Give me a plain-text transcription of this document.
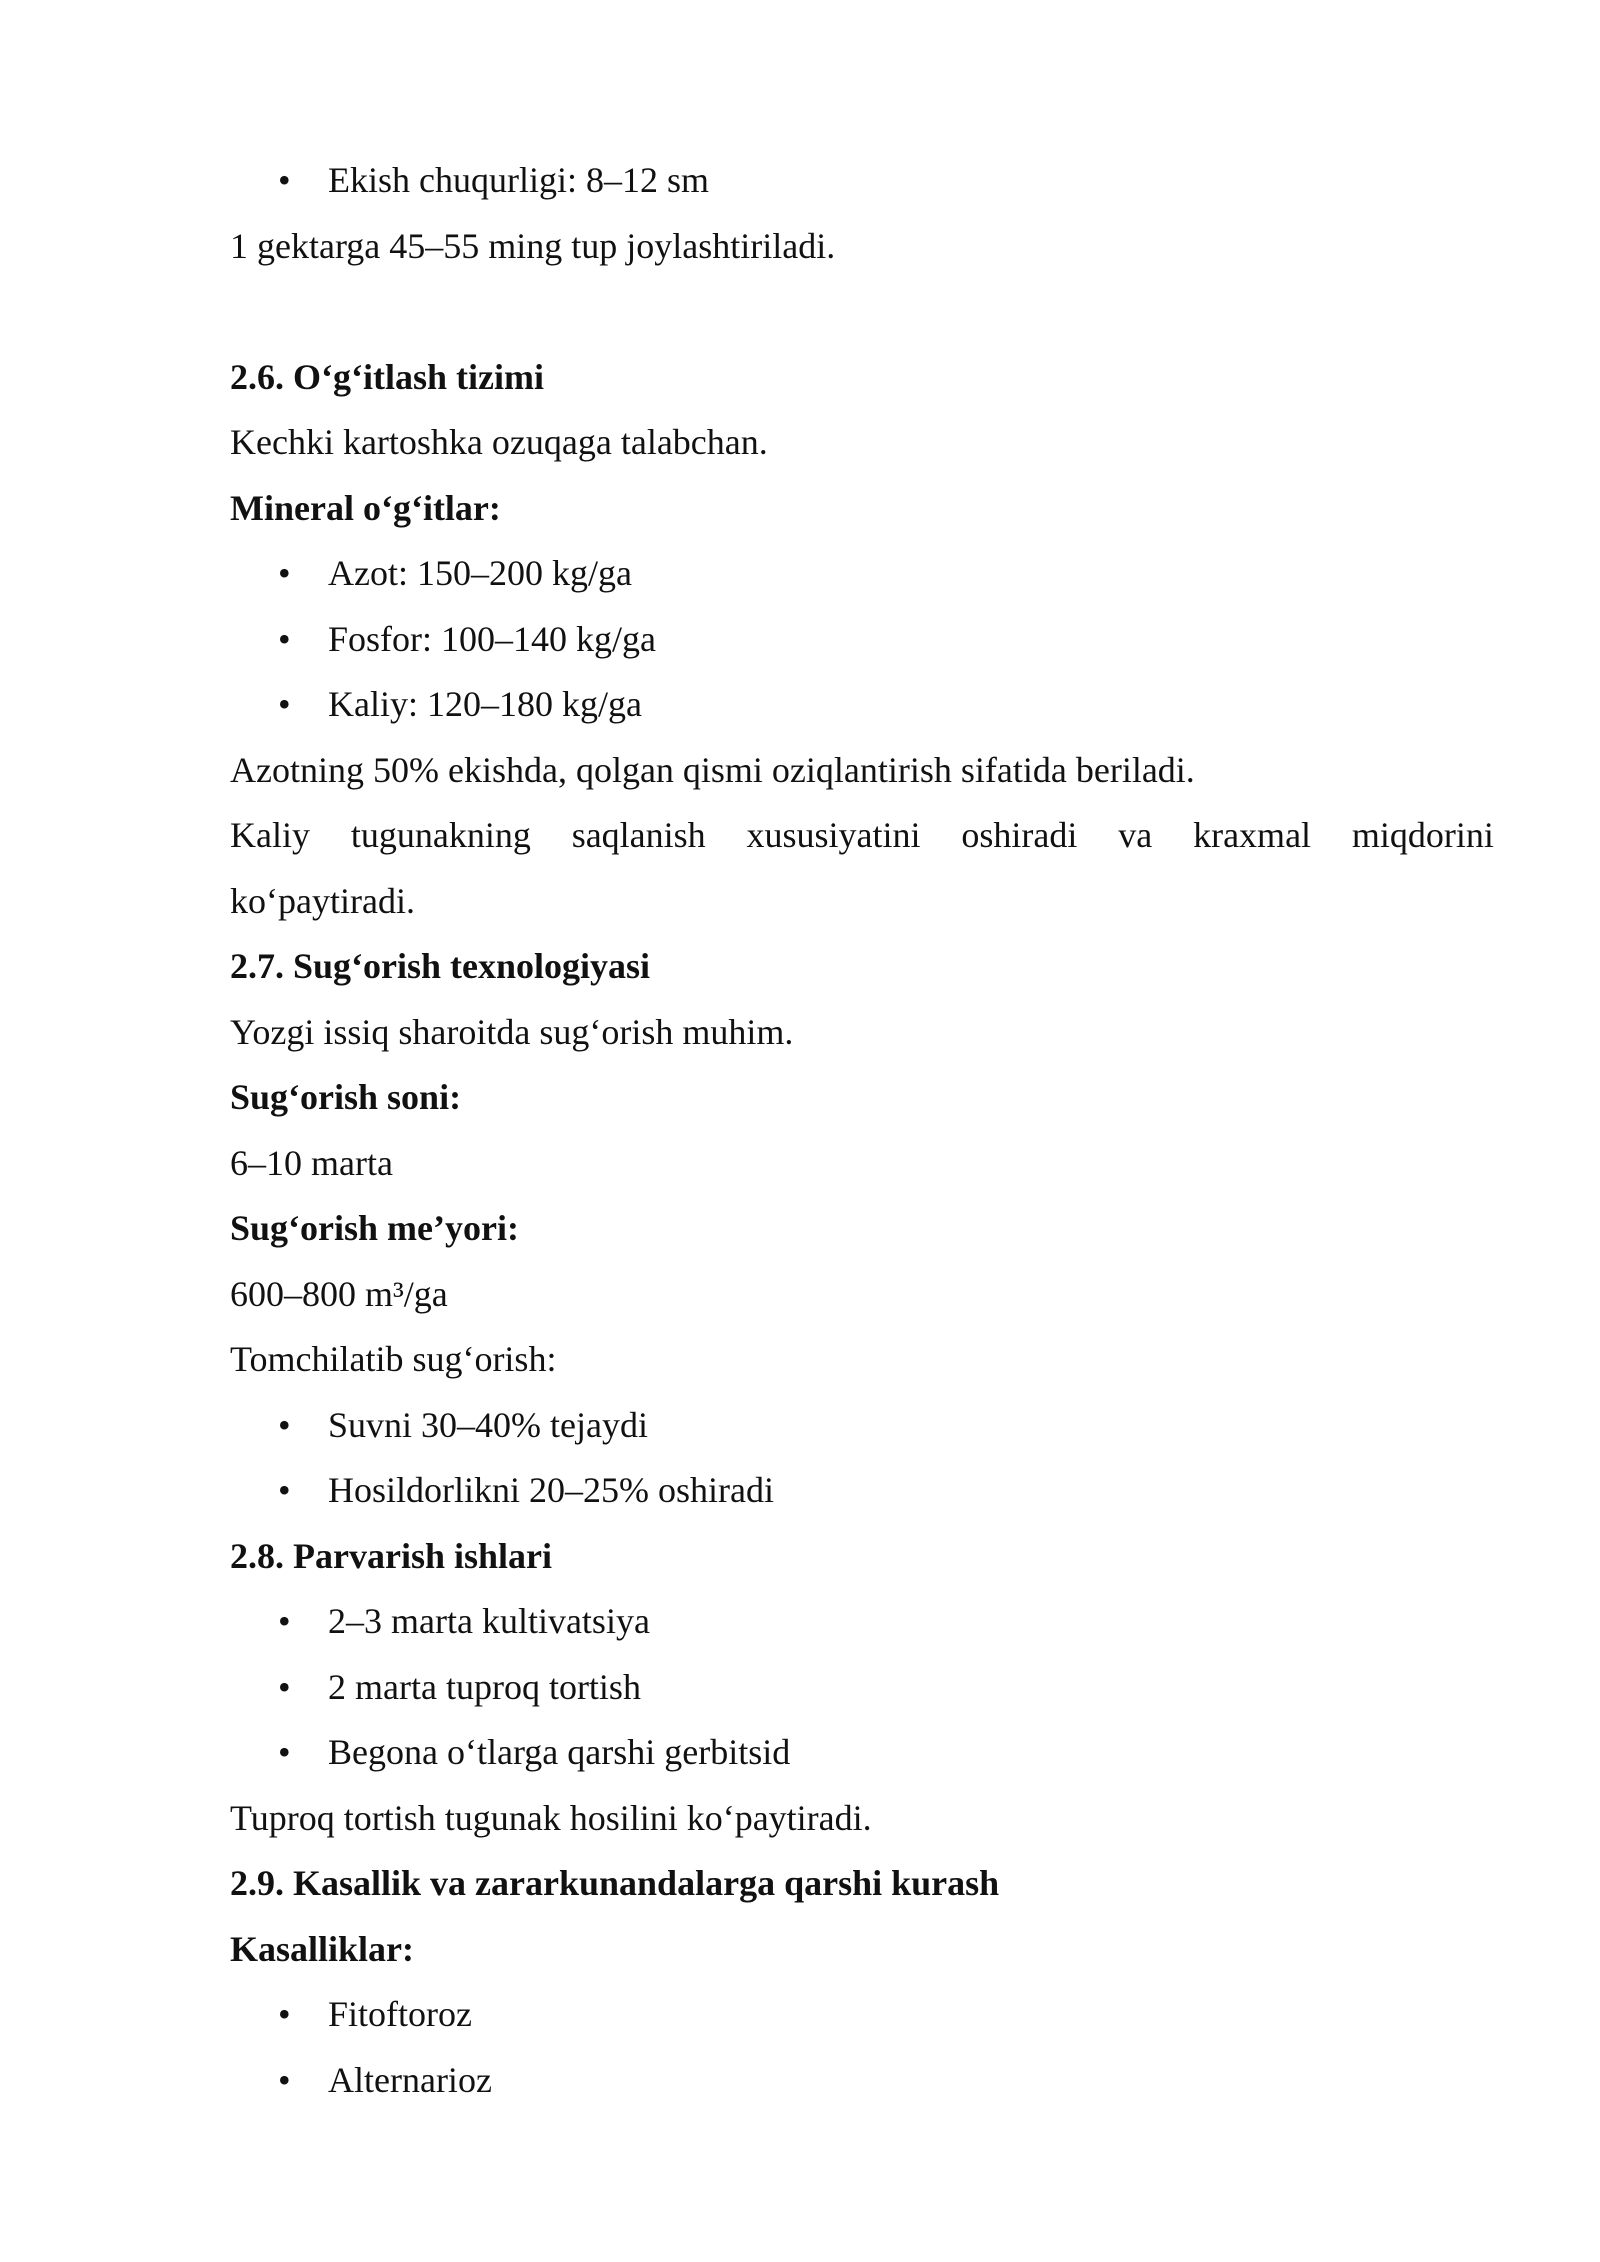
• Ekish chuqurligi: 8–12 sm
1 gektarga 45–55 ming tup joylashtiriladi.
2.6. O‘g‘itlash tizimi
Kechki kartoshka ozuqaga talabchan.
Mineral o‘g‘itlar:
• Azot: 150–200 kg/ga
• Fosfor: 100–140 kg/ga
• Kaliy: 120–180 kg/ga
Azotning 50% ekishda, qolgan qismi oziqlantirish sifatida beriladi.
Kaliy tugunakning saqlanish xususiyatini oshiradi va kraxmal miqdorini
ko‘paytiradi.
2.7. Sug‘orish texnologiyasi
Yozgi issiq sharoitda sug‘orish muhim.
Sug‘orish soni:
6–10 marta
Sug‘orish me’yori:
600–800 m³/ga
Tomchilatib sug‘orish:
• Suvni 30–40% tejaydi
• Hosildorlikni 20–25% oshiradi
2.8. Parvarish ishlari
• 2–3 marta kultivatsiya
• 2 marta tuproq tortish
• Begona o‘tlarga qarshi gerbitsid
Tuproq tortish tugunak hosilini ko‘paytiradi.
2.9. Kasallik va zararkunandalarga qarshi kurash
Kasalliklar:
• Fitoftoroz
• Alternarioz
